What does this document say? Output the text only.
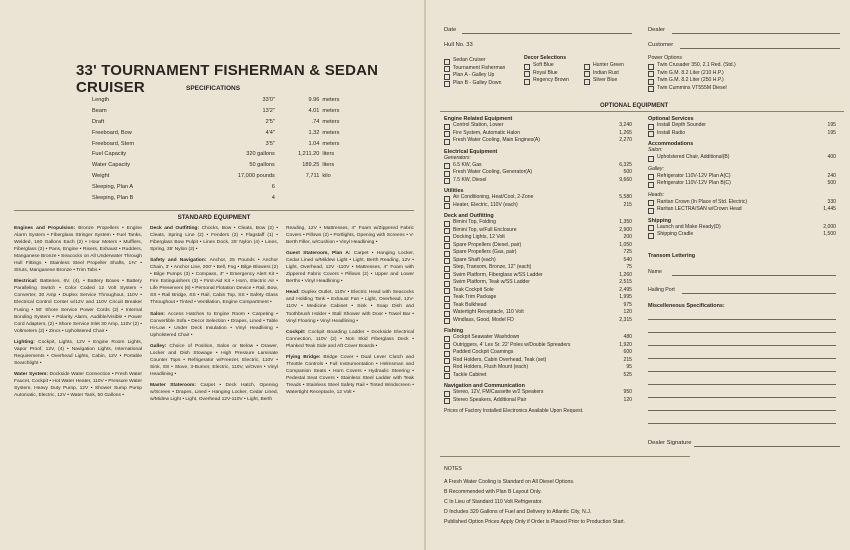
33' TOURNAMENT FISHERMAN & SEDAN CRUISER	SPECIFICATIONS
Length	33'0"	9.96 meters
Beam	13'2"	4.01 meters
Draft	2'5"	.74 meters
Freeboard, Bow	4'4"	1.32 meters
Freeboard, Stern	3'5"	1.04 meters
Fuel Capacity	320 gallons	1,211.20 liters
Water Capacity	50 gallons	189.25 liters
Weight	17,000 pounds	7,711 kilo
Sleeping, Plan A	6
Sleeping, Plan B	4
STANDARD EQUIPMENT

Engines and Propulsion: Bronze Propellers • Engine Alarm System • Fiberglass Stringer System • Fuel Tanks, Welded, 160 Gallons Each (2) • Hour Meters • Mufflers, Fiberglass (2) • Pans, Engine • Risers, Exhaust • Rudders, Manganese Bronze • Seacocks on All Underwater Through Hull Fittings • Stainless Steel Propeller Shafts, 1⅜" • Struts, Manganese Bronze • Trim Tabs •

Electrical: Batteries, 6V, (4), • Battery Boxes • Battery Paralleling Switch • Color Coded 12 Volt System • Converter, 30 Amp • Duplex Service Throughout, 110V • Electrical Control Center w/12V and 110V Circuit Breaker Fusing • 50' Shore Service Power Cords (2) • Internal Bonding System • Polarity Alarm, Audible/Visible • Power Cord Adapters, (2) • Shore Service Inlet 30 Amp, 110V (2) • Voltmeters (2) • Zincs • Upholstered Chair •

Lighting: Cockpit, Lights, 12V • Engine Room Lights, Vapor Proof, 12V, (4) • Navigation Lights, International Requirements • Overhead Lights, Cabin, 12V • Portable Searchlight •

Water System: Dockside Water Connection • Fresh Water Faucet, Cockpit • Hot Water Heater, 110V • Pressure Water System, Heavy Duty Pump, 12V • Shower Sump Pump Automatic, Electric, 12V • Water Tank, 50 Gallons •

Deck and Outfitting: Chocks, Bow • Cleats, Bow (2) • Cleats, Spring Line (2) • Fenders (2) • Flagstaff (1) • Fiberglass Bow Pulpit • Lines Dock, 25' Nylon (4) • Lines, Spring, 35' Nylon (2) •

Safety and Navigation: Anchor, 25 Pounds • Anchor Chain, 3' • Anchor Line, 200' • Bell, Fog • Bilge Blowers (2) • Bilge Pumps (3) • Compass, 4" • Emergency Alert Kit • Fire Extinguishers (3) • First-Aid Kit • Horn, Electric Air • Life Preservers (6) • Personal Flotation Device • Rail, Bow, SS • Rail Bridge, SS • Rail, Cabin Top, SS • Safety Glass Throughout • Tinted • Ventilation, Engine Compartment •

Salon: Access Hatches to Engine Room • Carpeting • Convertible Sofa • Decor Selection • Drapes, Lined • Table Hi-Low • Under Deck Insulation • Vinyl Headlining • Upholstered Chair •

Galley: Choice of Position, Salon or Below • Drawer, Locker and Dish Stowage • High Pressure Laminate Counter Tops • Refrigerator w/Freezer, Electric, 110V • Sink, SS • Stove, 3-Burner, Electric, 110V, w/Oven • Vinyl Headlining •

Master Stateroom: Carpet • Deck Hatch, Opening w/Screen • Drapes, Lined • Hanging Locker, Cedar Lined, w/Midew Light • Light, Overhead 12V-110V • Light, Berth

Reading, 12V • Mattresses, 4" Foam w/Zippered Fabric Covers • Pillows (2) • Portlights, Opening with Screens • V-Berth Filler, w/Cushion • Vinyl Headlining •

Guest Stateroom, Plan A: Carpet • Hanging Locker, Cedar Lined w/Mildew Light • Light, Berth Reading, 12V • Light, Overhead, 12V -110V • Mattresses, 4" Foam with Zippered Fabric Covers • Pillows (2) • Upper and Lower Berths • Vinyl Headlining •

Head: Duplex Outlet, 110V • Electric Head with Seacocks and Holding Tank • Exhaust Fan • Light, Overhead, 12V-110V • Medicine Cabinet • Sink • Soap Dish and Toothbrush Holder • Stall Shower with Door • Towel Bar • Vinyl Flooring • Vinyl Headlining •

Cockpit: Cockpit Boarding Ladder • Dockside Electrical Connection, 110V (2) • Non Skid Fiberglass Deck • Planked Teak Side and Aft Cover Boards •

Flying Bridge: Bridge Cover • Dual Lever Clutch and Throttle Controls • Full Instrumentation • Helmsman and Companion Seats • Horn Covers • Hydraulic Steering • Pedestal Seat Covers • Stainless Steel Ladder with Teak Treads • Stainless Steel Safety Rail • Tinted Windscreen • Watertight Receptacle, 12 Volt •

Date	Dealer
Hull No. 33	Customer
Sedan Cruiser
Tournament Fisherman
Plan A - Galley Up
Plan B - Galley Down
Decor Selections
Soft Blue	Hunter Green
Royal Blue	Indian Rust
Regency Brown	Silver Blue
Power Options
Twin Crusader 350, 2.1 Red. (Std.)
Twin G.M. 8.2 Liter (210 H.P.)
Twin G.M. 8.2 Liter (250 H.P.)
Twin Cummins VT555M Diesel
OPTIONAL EQUIPMENT
Engine Related Equipment
Control Station, Lower	3,240
Fire System, Automatic Halon	1,265
Fresh Water Cooling, Main Engines(A)	2,270
Electrical Equipment
Generators:
6.5 KW, Gas	6,325
Fresh Water Cooling, Generator(A)	500
7.5 KW, Diesel	9,660
Utilities
Air Conditioning, Heat/Cool, 2-Zone	5,580
Heater, Electric, 110V (each)	215
Deck and Outfitting
Bimini Top, Folding	1,350
Bimini Top, w/Full Enclosure	2,900
Docking Lights, 12 Volt	200
Spare Propellers (Diesel, pair)	1,050
Spare Propellers (Gas, pair)	725
Spare Shaft (each)	540
Step, Transom, Bronze, 12" (each)	75
Swim Platform, Fiberglass w/SS Ladder	1,260
Swim Platform, Teak w/SS Ladder	2,515
Teak Cockpit Sole	2,495
Teak Trim Package	1,995
Teak Bulkhead	975
Watertight Receptacle, 110 Volt	120
Windlass, Good, Model FD	2,315
Fishing
Cockpit Seawater Washdown	480
Outriggers, 4' Les Sr. 22' Poles w/Double Spreaders	1,920
Padded Cockpit Coamings	600
Rod Holders, Cabin Overhead, Teak (set)	215
Rod Holders, Flush Mount (each)	95
Tackle Cabinet	525
Navigation and Communication
Stereo, 12V, FM/Cassette w/2 Speakers	950
Stereo Speakers, Additional Pair	120
Prices of Factory Installed Electronics Available Upon Request.
Optional Services
Install Depth Sounder	195
Install Radio	195
Accommodations
Salon:
Upholstered Chair, Additional(B)	400
Galley:
Refrigerator 110V-12V Plan A(C)	240
Refrigerator 110V-12V Plan B(C)	500
Heads:
Raritan Crown (In Place of Std. Electric)	330
Raritan LECTRA/SAN w/Crown Head	1,445
Shipping
Launch and Make Ready(D)	2,000
Shipping Cradle	1,500
Transom Lettering
Name
Hailing Port
Miscelleneous Specifications:
Dealer Signature
NOTES
A Fresh Water Cooling is Standard on All Diesel Options.
B Recommended with Plan B Layout Only.
C In Lieu of Standard 110 Volt Refrigerator.
D Includes 320 Gallons of Fuel and Delivery to Atlantic City, N.J.
Published Option Prices Apply Only if Order is Placed Prior to Production Start.
